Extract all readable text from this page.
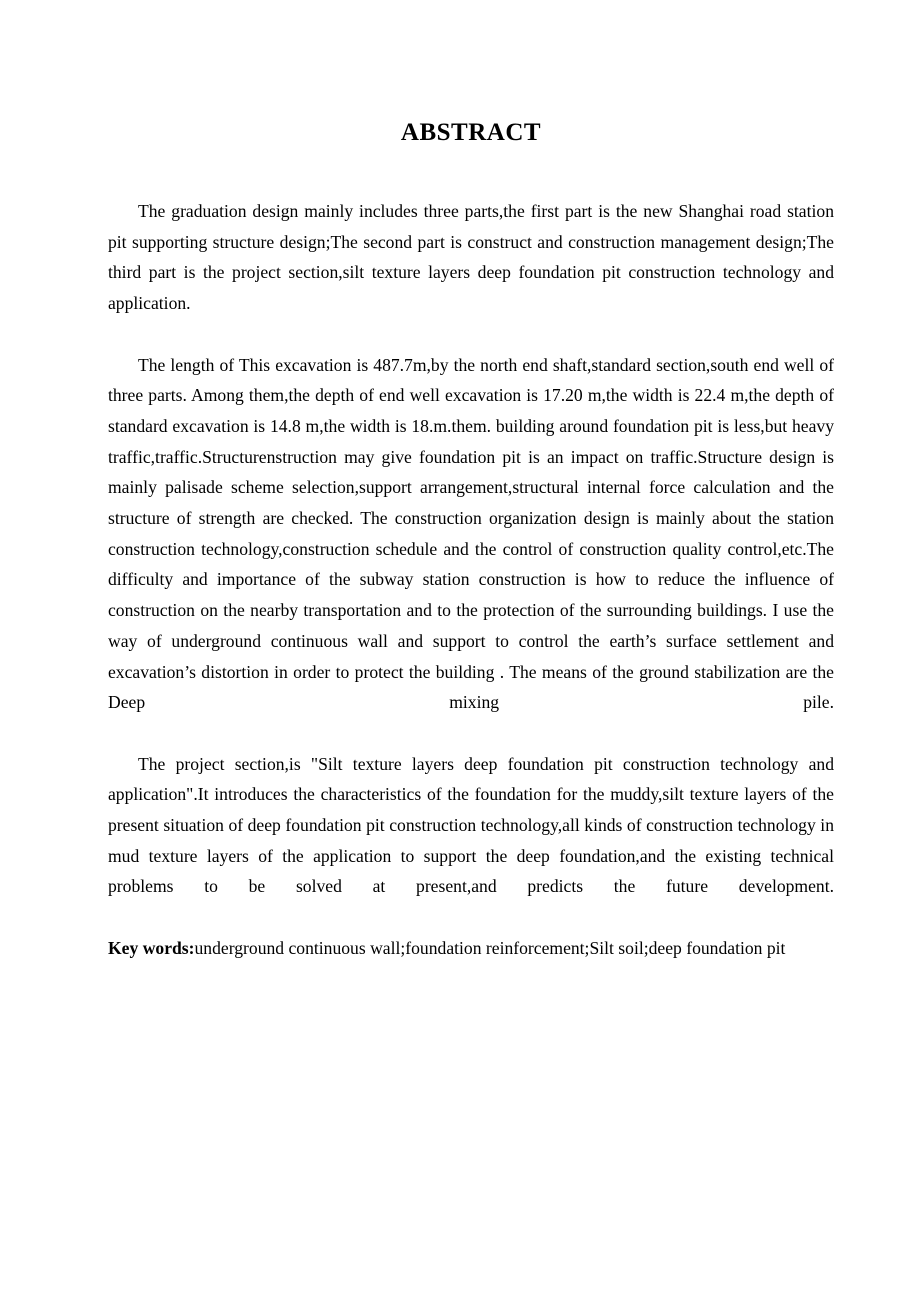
ABSTRACT

The graduation design mainly includes three parts,the first part is the new Shanghai road station pit supporting structure design;The second part is construct and construction management design;The third part is the project section,silt texture layers deep foundation pit construction technology and application.

The length of This excavation is 487.7m,by the north end shaft,standard section,south end well of three parts. Among them,the depth of end well excavation is 17.20 m,the width is 22.4 m,the depth of standard excavation is 14.8 m,the width is 18.m.them. building around foundation pit is less,but heavy traffic,traffic.Structurenstruction may give foundation pit is an impact on traffic.Structure design is mainly palisade scheme selection,support arrangement,structural internal force calculation and the structure of strength are checked. The construction organization design is mainly about the station construction technology,construction schedule and the control of construction quality control,etc.The difficulty and importance of the subway station construction is how to reduce the influence of construction on the nearby transportation and to the protection of the surrounding buildings. I use the way of underground continuous wall and support to control the earth’s surface settlement and excavation’s distortion in order to protect the building . The means of the ground stabilization are the Deep mixing pile.

The project section,is "Silt texture layers deep foundation pit construction technology and application".It introduces the characteristics of the foundation for the muddy,silt texture layers of the present situation of deep foundation pit construction technology,all kinds of construction technology in mud texture layers of the application to support the deep foundation,and the existing technical problems to be solved at present,and predicts the future development.

Key words:underground continuous wall;foundation reinforcement;Silt soil;deep foundation pit
